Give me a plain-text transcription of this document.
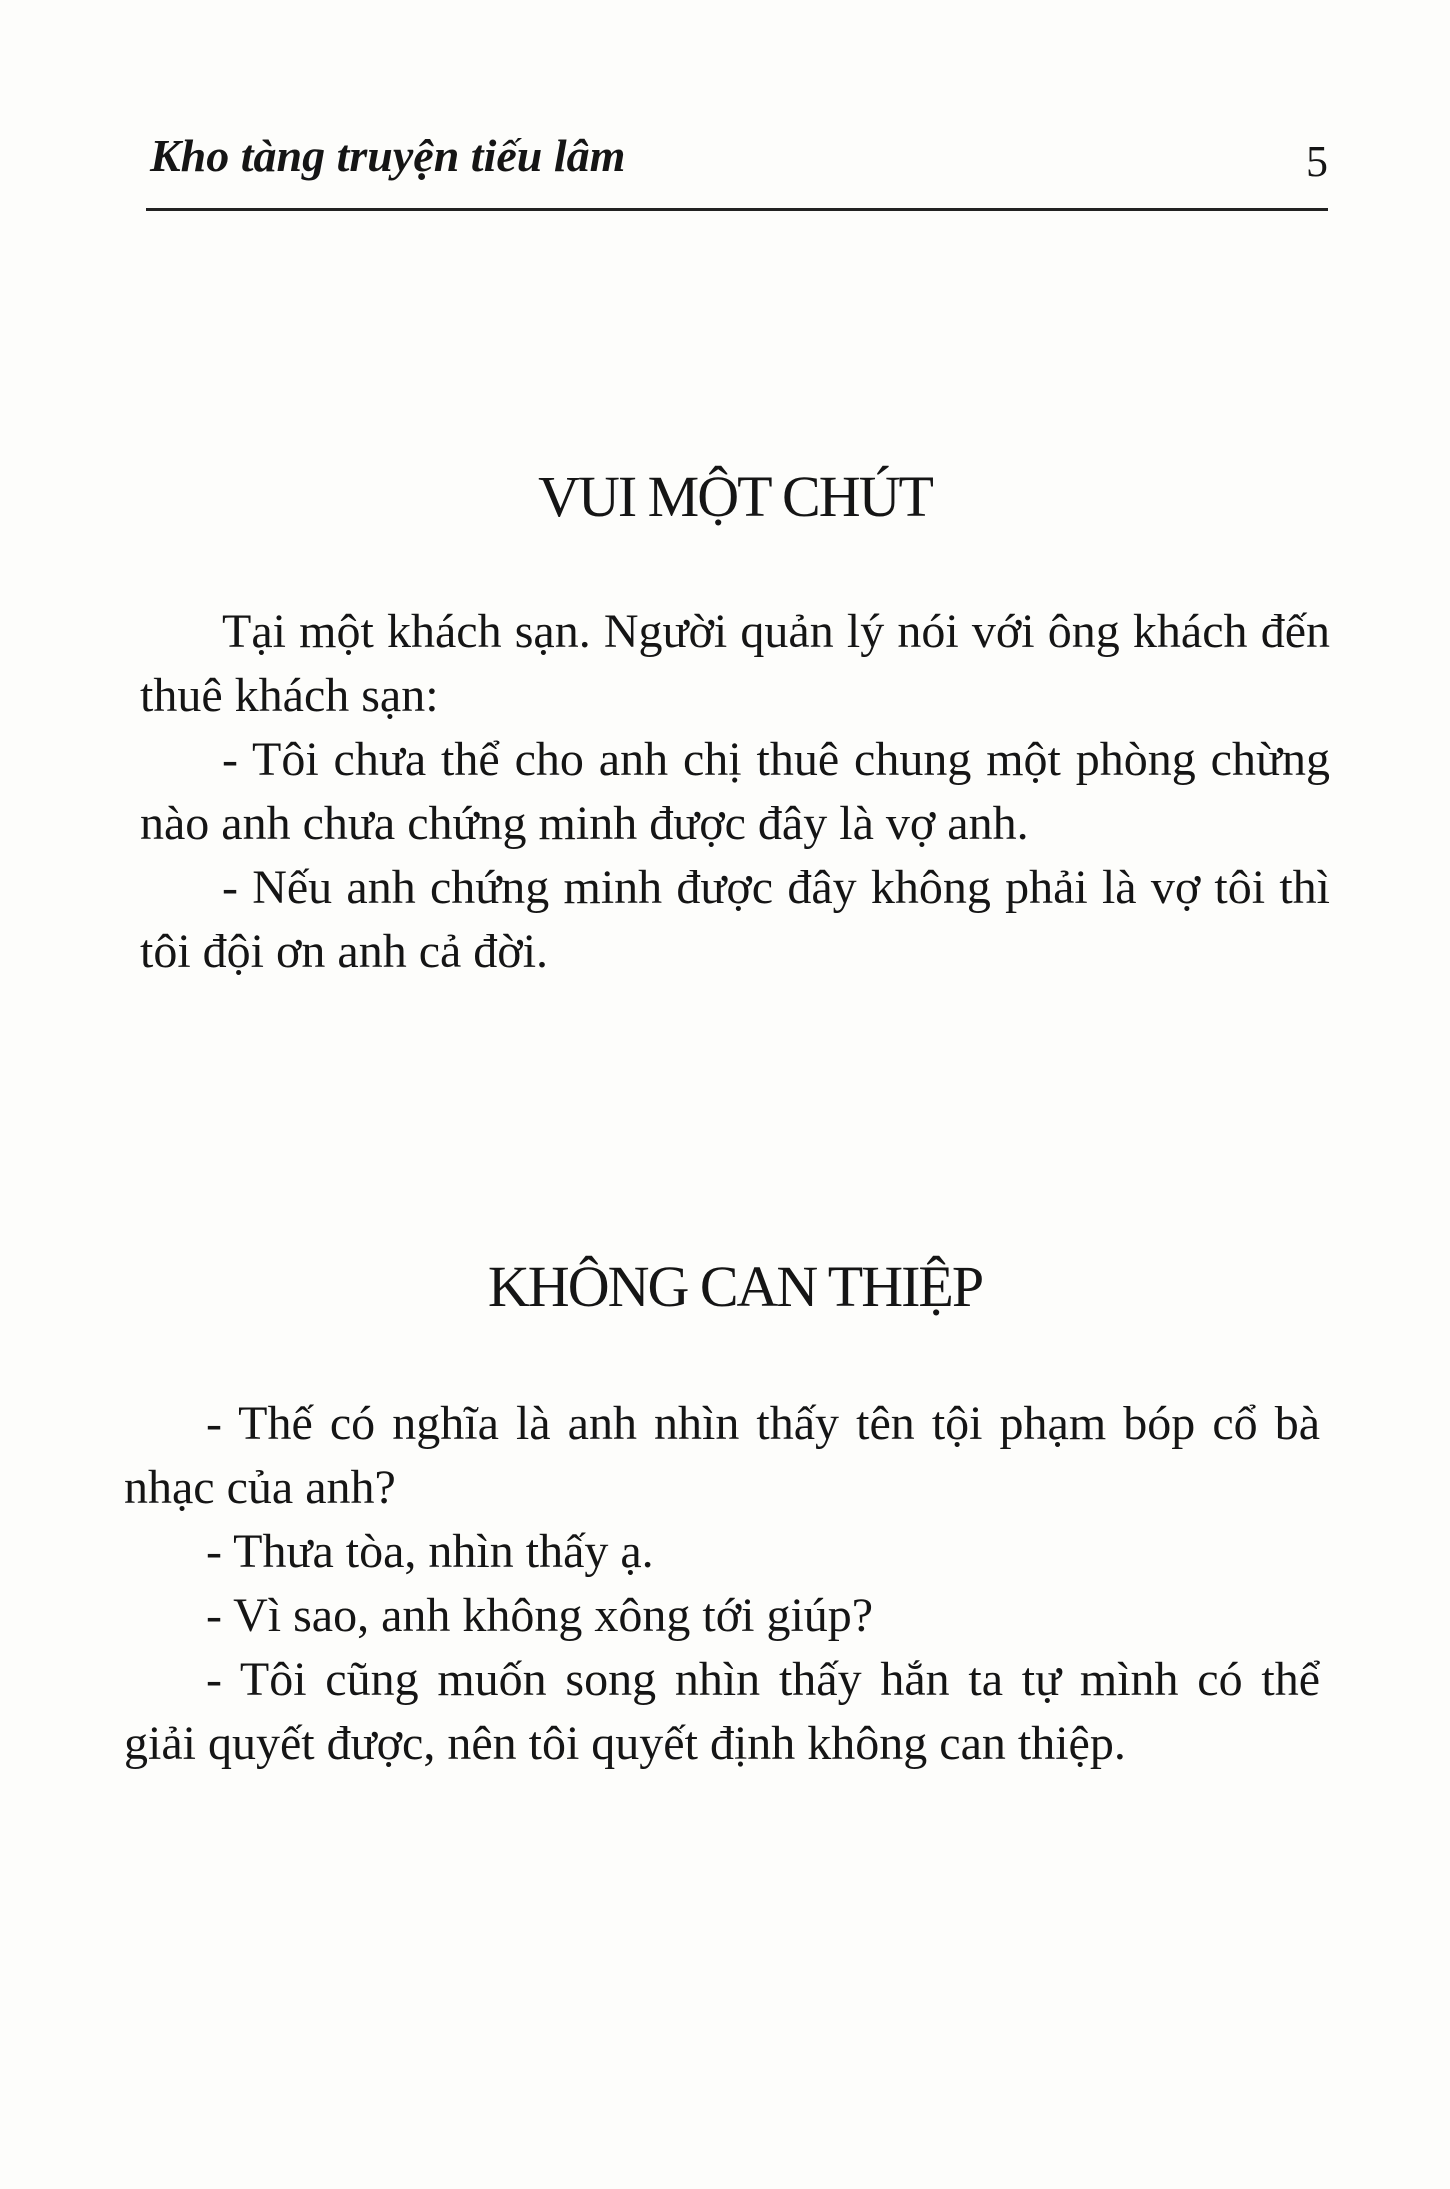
Kho tàng truyện tiếu lâm	5
VUI MỘT CHÚT

Tại một khách sạn. Người quản lý nói với ông khách đến thuê khách sạn:

- Tôi chưa thể cho anh chị thuê chung một phòng chừng nào anh chưa chứng minh được đây là vợ anh.

- Nếu anh chứng minh được đây không phải là vợ tôi thì tôi đội ơn anh cả đời.

KHÔNG CAN THIỆP

- Thế có nghĩa là anh nhìn thấy tên tội phạm bóp cổ bà nhạc của anh?

- Thưa tòa, nhìn thấy ạ.

- Vì sao, anh không xông tới giúp?

- Tôi cũng muốn song nhìn thấy hắn ta tự mình có thể giải quyết được, nên tôi quyết định không can thiệp.
